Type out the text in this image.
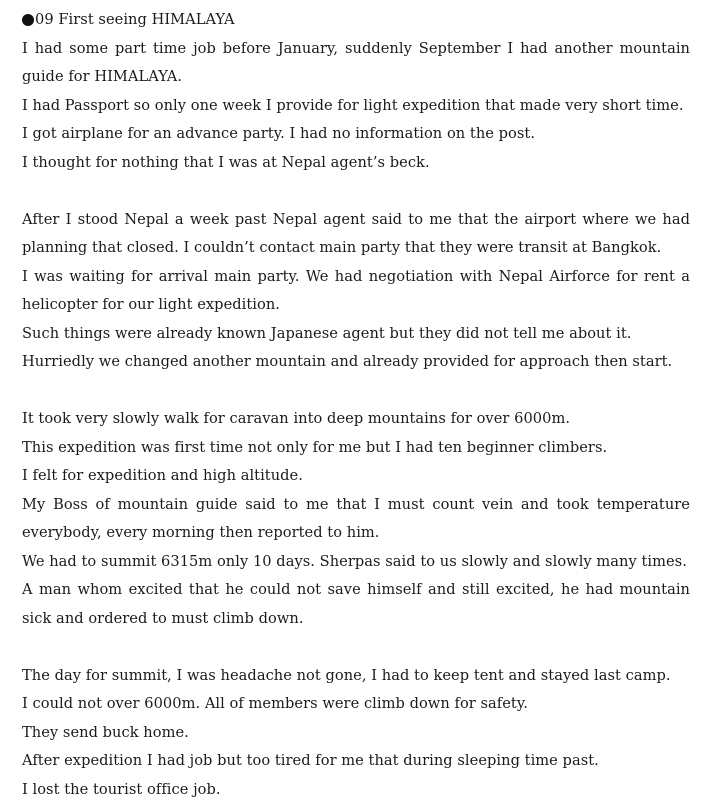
09 First seeing HIMALAYA

I had some part time job before January, suddenly September I had another mountain guide for HIMALAYA.

I had Passport so only one week I provide for light expedition that made very short time.

I got airplane for an advance party. I had no information on the post.

I thought for nothing that I was at Nepal agent’s beck.

After I stood Nepal a week past Nepal agent said to me that the airport where we had planning that closed. I couldn’t contact main party that they were transit at Bangkok.

I was waiting for arrival main party. We had negotiation with Nepal Airforce for rent a helicopter for our light expedition.

Such things were already known Japanese agent but they did not tell me about it.

Hurriedly we changed another mountain and already provided for approach then start.

It took very slowly walk for caravan into deep mountains for over 6000m.

This expedition was first time not only for me but I had ten beginner climbers.

I felt for expedition and high altitude.

My Boss of mountain guide said to me that I must count vein and took temperature everybody, every morning then reported to him.

We had to summit 6315m only 10 days. Sherpas said to us slowly and slowly many times.

A man whom excited that he could not save himself and still excited, he had mountain sick and ordered to must climb down.

The day for summit, I was headache not gone, I had to keep tent and stayed last camp.

I could not over 6000m. All of members were climb down for safety.

They send buck home.

After expedition I had job but too tired for me that during sleeping time past.

I lost the tourist office job.
